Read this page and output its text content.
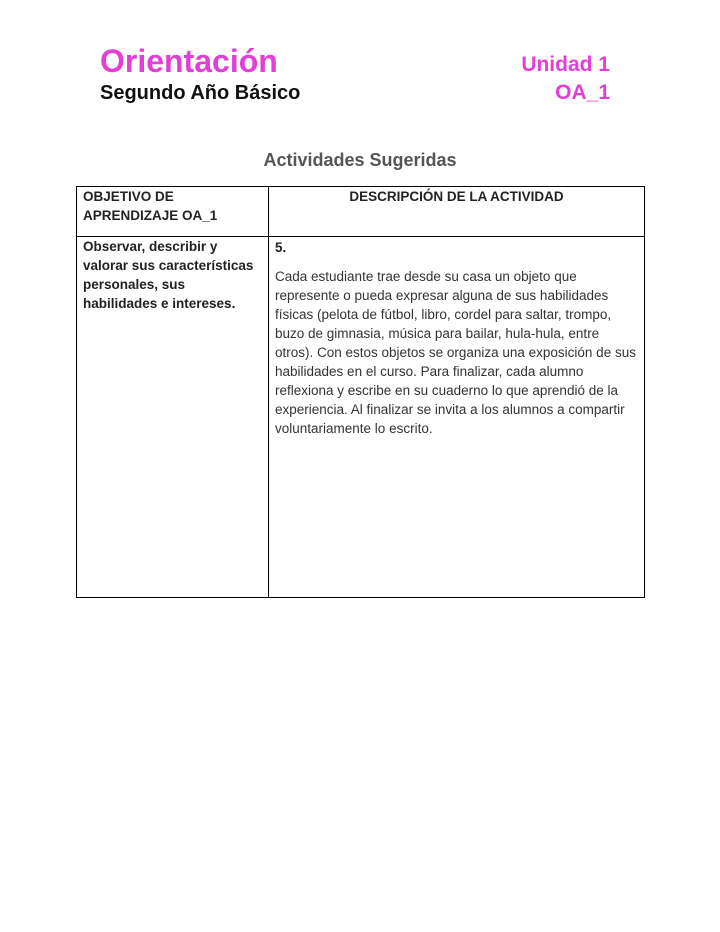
Orientación
Segundo Año Básico
Unidad 1
OA_1
Actividades Sugeridas
OBJETIVO DE APRENDIZAJE OA_1	DESCRIPCIÓN DE LA ACTIVIDAD
Observar, describir y valorar sus características personales, sus habilidades e intereses.	5.
Cada estudiante trae desde su casa un objeto que represente o pueda expresar alguna de sus habilidades físicas (pelota de fútbol, libro, cordel para saltar, trompo, buzo de gimnasia, música para bailar, hula-hula, entre otros). Con estos objetos se organiza una exposición de sus habilidades en el curso. Para finalizar, cada alumno reflexiona y escribe en su cuaderno lo que aprendió de la experiencia. Al finalizar se invita a los alumnos a compartir voluntariamente lo escrito.
